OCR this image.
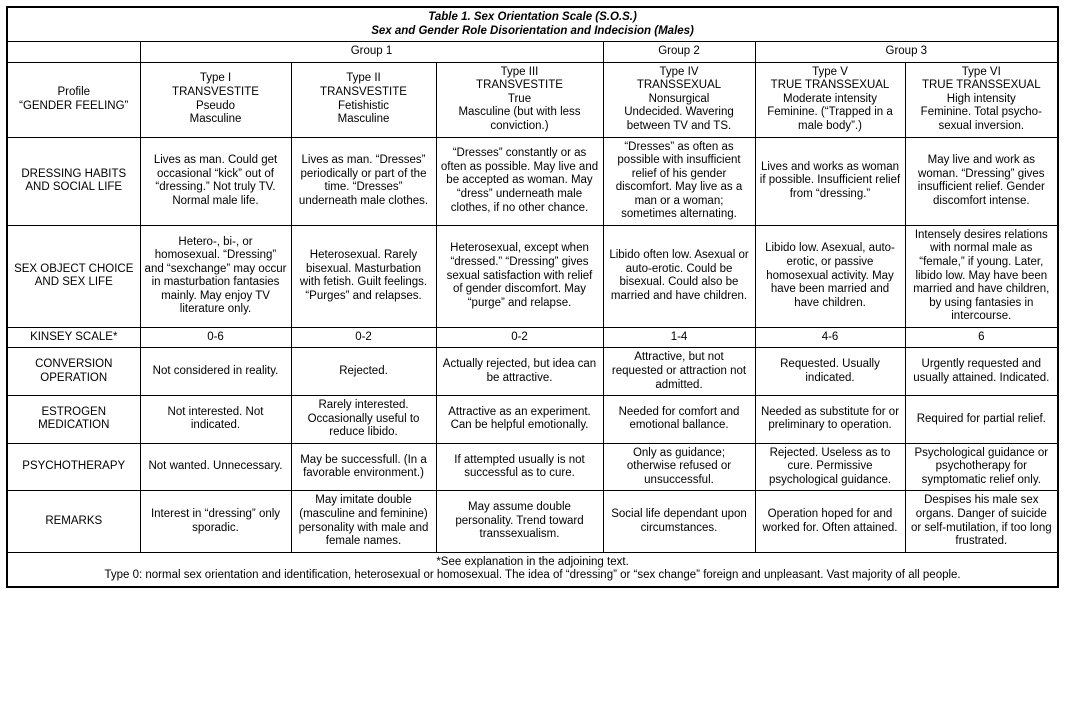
Table 1. Sex Orientation Scale (S.O.S.)
Sex and Gender Role Disorientation and Indecision (Males)						

	Group 1			Group 2	Group 3	

Profile
“GENDER FEELING”	Type I
TRANSVESTITE
Pseudo
Masculine	Type II
TRANSVESTITE
Fetishistic
Masculine	Type III
TRANSVESTITE
True
Masculine (but with less conviction.)	Type IV
TRANSSEXUAL
Nonsurgical
Undecided. Wavering between TV and TS.	Type V
TRUE TRANSSEXUAL
Moderate intensity
Feminine. (“Trapped in a male body”.)	Type VI
TRUE TRANSSEXUAL
High intensity
Feminine. Total psycho-sexual inversion.

DRESSING HABITS AND SOCIAL LIFE	Lives as man. Could get occasional “kick” out of “dressing.” Not truly TV. Normal male life.	Lives as man. “Dresses” periodically or part of the time. “Dresses” underneath male clothes.	“Dresses” constantly or as often as possible. May live and be accepted as woman. May “dress” underneath male clothes, if no other chance.	“Dresses” as often as possible with insufficient relief of his gender discomfort. May live as a man or a woman; sometimes alternating.	Lives and works as woman if possible. Insufficient relief from “dressing.”	May live and work as woman. “Dressing” gives insufficient relief. Gender discomfort intense.
SEX OBJECT CHOICE AND SEX LIFE	Hetero-, bi-, or homosexual. “Dressing” and “sexchange” may occur in masturbation fantasies mainly. May enjoy TV literature only.	Heterosexual. Rarely bisexual. Masturbation with fetish. Guilt feelings. “Purges” and relapses.	Heterosexual, except when “dressed.” “Dressing” gives sexual satisfaction with relief of gender discomfort. May “purge” and relapse.	Libido often low. Asexual or auto-erotic. Could be bisexual. Could also be married and have children.	Libido low. Asexual, auto-erotic, or passive homosexual activity. May have been married and have children.	Intensely desires relations with normal male as “female,” if young. Later, libido low. May have been married and have children, by using fantasies in intercourse.
KINSEY SCALE*	0-6	0-2	0-2	1-4	4-6	6
CONVERSION OPERATION	Not considered in reality.	Rejected.	Actually rejected, but idea can be attractive.	Attractive, but not requested or attraction not admitted.	Requested. Usually indicated.	Urgently requested and usually attained. Indicated.
ESTROGEN MEDICATION	Not interested. Not indicated.	Rarely interested. Occasionally useful to reduce libido.	Attractive as an experiment. Can be helpful emotionally.	Needed for comfort and emotional ballance.	Needed as substitute for or preliminary to operation.	Required for partial relief.
PSYCHOTHERAPY	Not wanted. Unnecessary.	May be successfull. (In a favorable environment.)	If attempted usually is not successful as to cure.	Only as guidance; otherwise refused or unsuccessful.	Rejected. Useless as to cure. Permissive psychological guidance.	Psychological guidance or psychotherapy for symptomatic relief only.
REMARKS	Interest in “dressing” only sporadic.	May imitate double (masculine and feminine) personality with male and female names.	May assume double personality. Trend toward transsexualism.	Social life dependant upon circumstances.	Operation hoped for and worked for. Often attained.	Despises his male sex organs. Danger of suicide or self-mutilation, if too long frustrated.

*See explanation in the adjoining text.
Type 0: normal sex orientation and identification, heterosexual or homosexual. The idea of “dressing” or “sex change” foreign and unpleasant. Vast majority of all people.						
